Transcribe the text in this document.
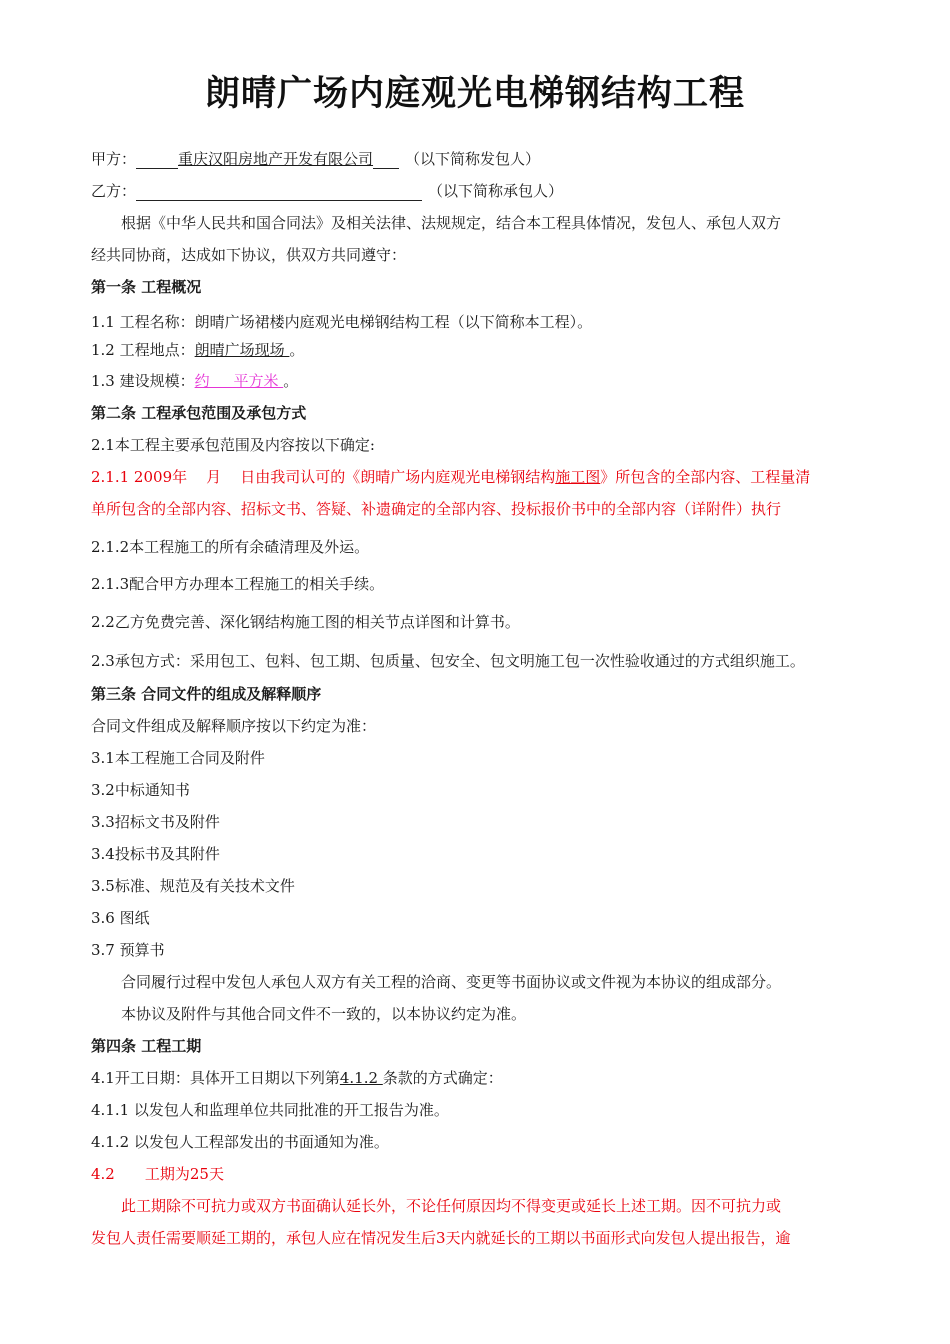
朗晴广场内庭观光电梯钢结构工程
甲方：	重庆汉阳房地产开发有限公司 （以下简称发包人）
乙方：	（以下简称承包人）
根据《中华人民共和国合同法》及相关法律、法规规定，结合本工程具体情况，发包人、承包人双方
经共同协商，达成如下协议，供双方共同遵守：
第一条 工程概况
1.1 工程名称：朗晴广场裙楼内庭观光电梯钢结构工程（以下简称本工程）。
1.2 工程地点：朗晴广场现场 。
1.3 建设规模：约     平方米 。
第二条 工程承包范围及承包方式
2.1本工程主要承包范围及内容按以下确定:
2.1.1 2009年    月    日由我司认可的《朗晴广场内庭观光电梯钢结构施工图》所包含的全部内容、工程量清
单所包含的全部内容、招标文书、答疑、补遗确定的全部内容、投标报价书中的全部内容（详附件）执行
2.1.2本工程施工的所有余碴清理及外运。
2.1.3配合甲方办理本工程施工的相关手续。
2.2乙方免费完善、深化钢结构施工图的相关节点详图和计算书。
2.3承包方式：采用包工、包料、包工期、包质量、包安全、包文明施工包一次性验收通过的方式组织施工。
第三条 合同文件的组成及解释顺序
合同文件组成及解释顺序按以下约定为准：
3.1本工程施工合同及附件
3.2中标通知书
3.3招标文书及附件
3.4投标书及其附件
3.5标准、规范及有关技术文件
3.6 图纸
3.7 预算书
合同履行过程中发包人承包人双方有关工程的洽商、变更等书面协议或文件视为本协议的组成部分。
本协议及附件与其他合同文件不一致的，以本协议约定为准。
第四条 工程工期
4.1开工日期：具体开工日期以下列第4.1.2 条款的方式确定：
4.1.1 以发包人和监理单位共同批准的开工报告为准。
4.1.2 以发包人工程部发出的书面通知为准。
4.2 工期为25天
此工期除不可抗力或双方书面确认延长外，不论任何原因均不得变更或延长上述工期。因不可抗力或
发包人责任需要顺延工期的，承包人应在情况发生后3天内就延长的工期以书面形式向发包人提出报告，逾
